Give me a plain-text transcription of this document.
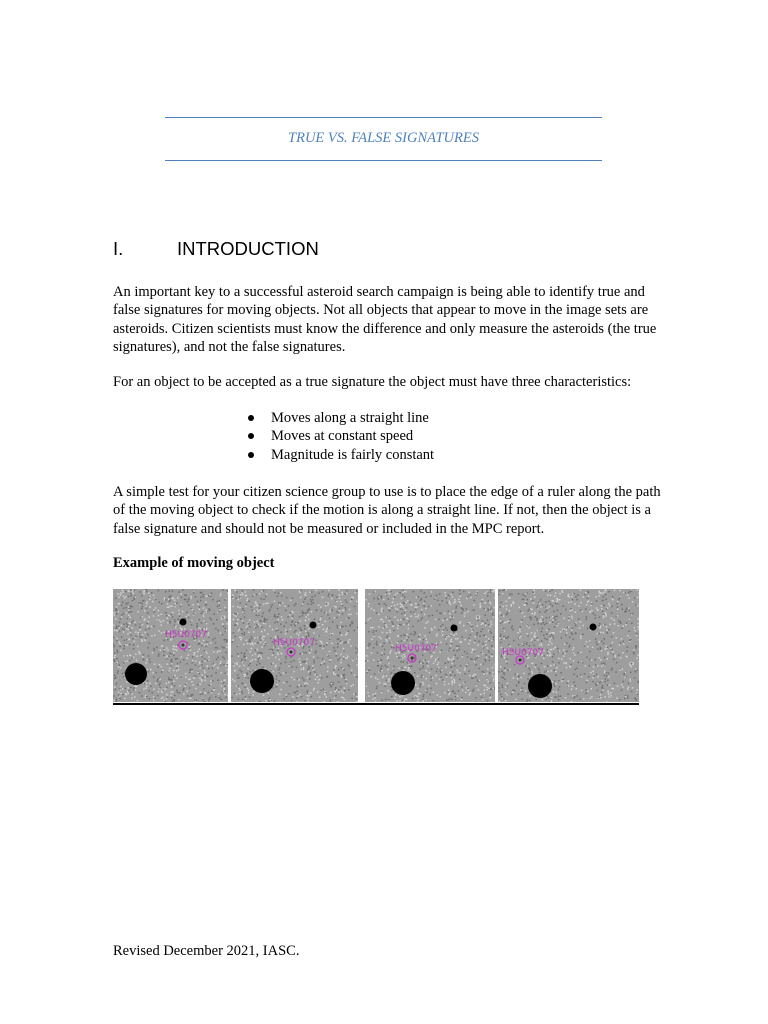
TRUE VS. FALSE SIGNATURES
I.	INTRODUCTION

An important key to a successful asteroid search campaign is being able to identify true and false signatures for moving objects. Not all objects that appear to move in the image sets are asteroids. Citizen scientists must know the difference and only measure the asteroids (the true signatures), and not the false signatures.

For an object to be accepted as a true signature the object must have three characteristics:

Moves along a straight line
Moves at constant speed
Magnitude is fairly constant

A simple test for your citizen science group to use is to place the edge of a ruler along the path of the moving object to check if the motion is along a straight line. If not, then the object is a false signature and should not be measured or included in the MPC report.

Example of moving object
H5U0707
H5U0707
H5U0707	H5U0707
Revised December 2021, IASC.
